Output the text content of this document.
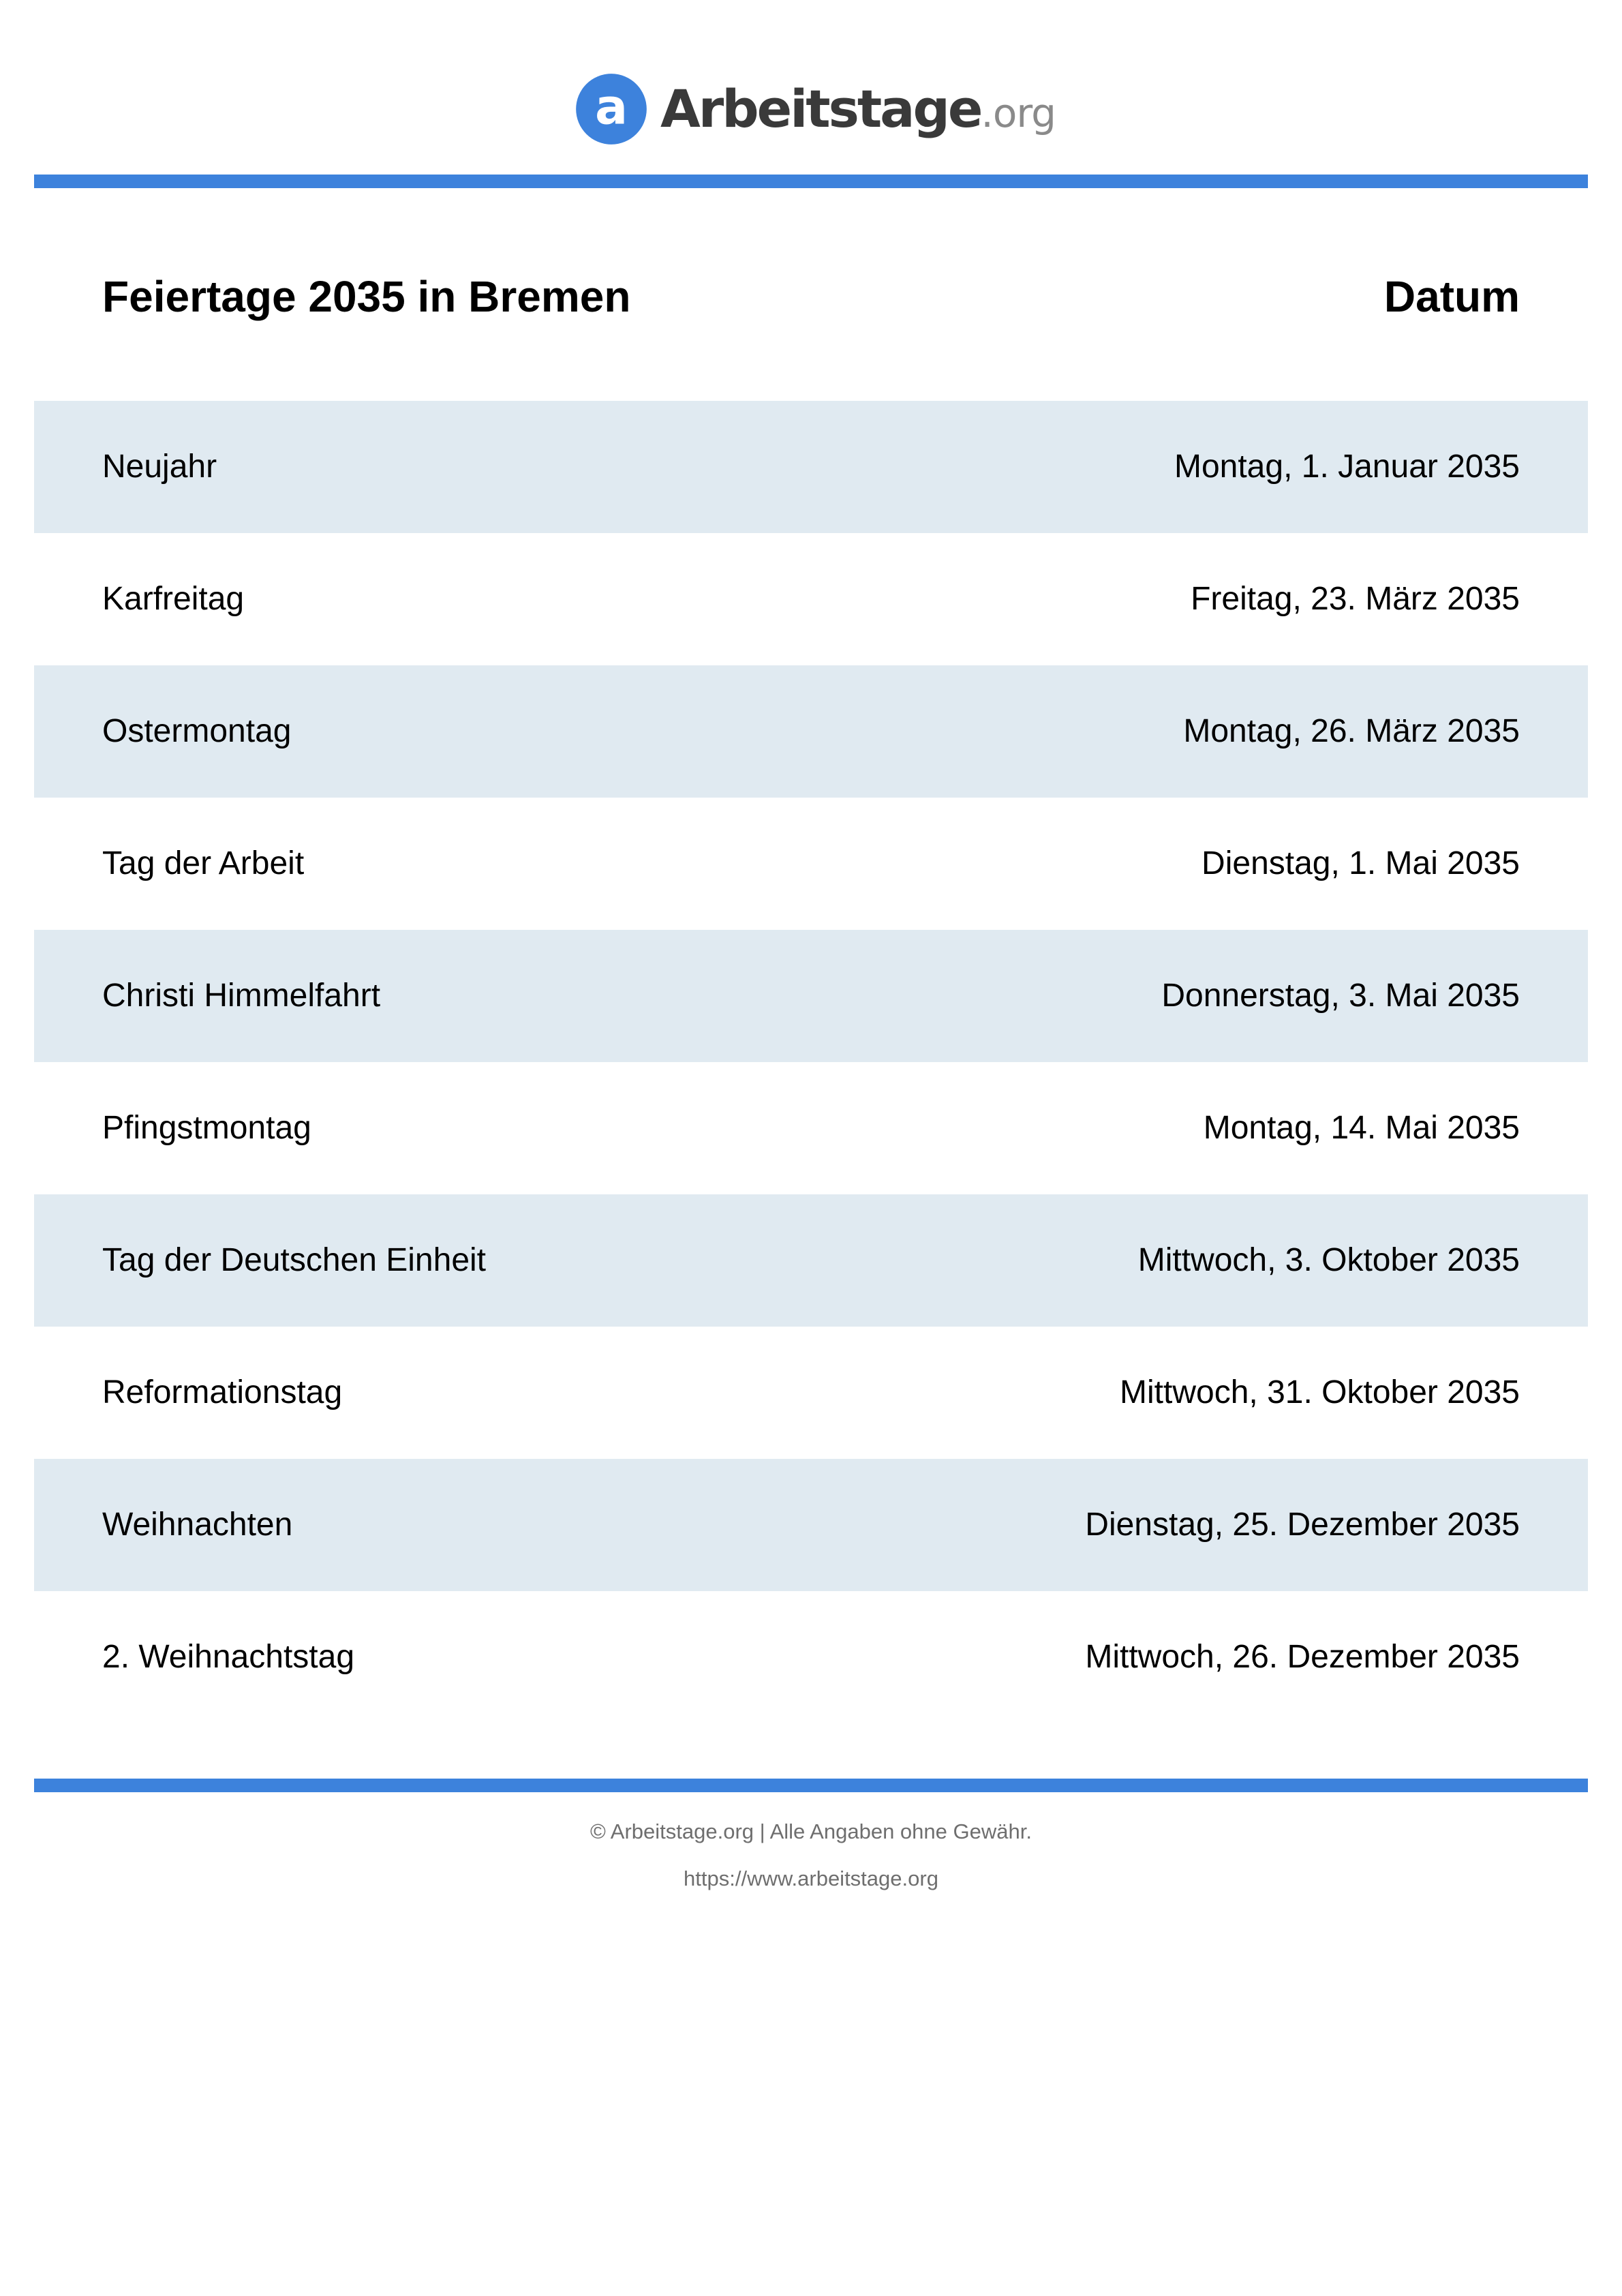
a Arbeitstage .org
Feiertage 2035 in Bremen	Datum
Neujahr	Montag, 1. Januar 2035
Karfreitag	Freitag, 23. März 2035
Ostermontag	Montag, 26. März 2035
Tag der Arbeit	Dienstag, 1. Mai 2035
Christi Himmelfahrt	Donnerstag, 3. Mai 2035
Pfingstmontag	Montag, 14. Mai 2035
Tag der Deutschen Einheit	Mittwoch, 3. Oktober 2035
Reformationstag	Mittwoch, 31. Oktober 2035
Weihnachten	Dienstag, 25. Dezember 2035
2. Weihnachtstag	Mittwoch, 26. Dezember 2035
© Arbeitstage.org | Alle Angaben ohne Gewähr.
https://www.arbeitstage.org
